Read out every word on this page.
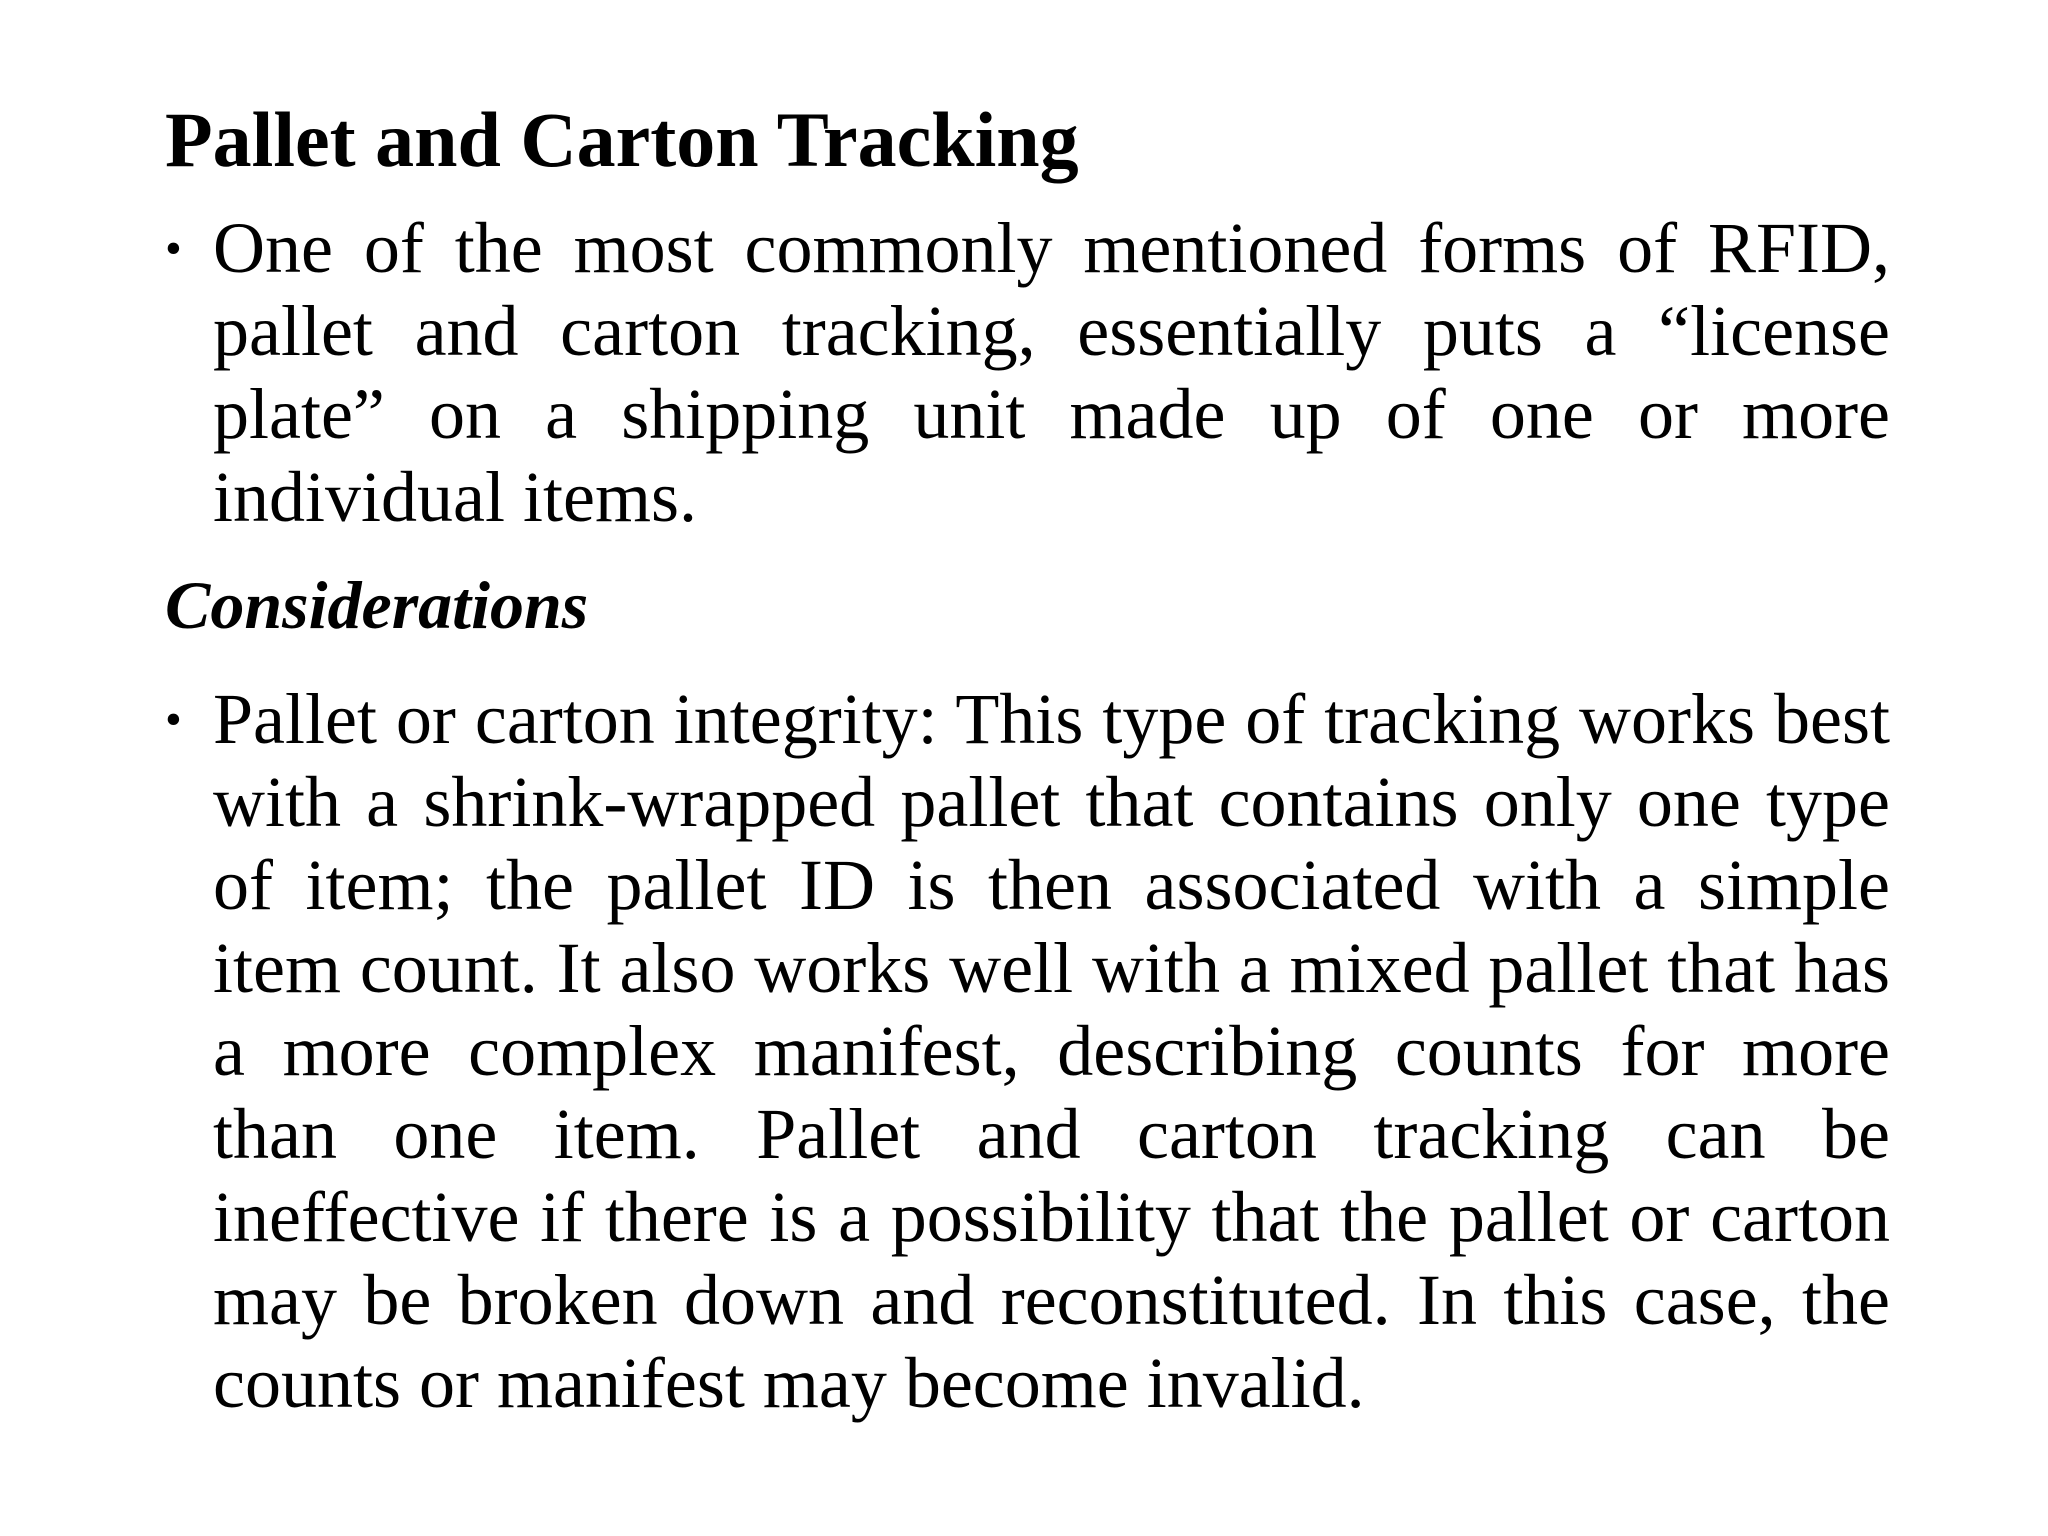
Pallet and Carton Tracking
• One of the most commonly mentioned forms of RFID, pallet and carton tracking, essentially puts a “license plate” on a shipping unit made up of one or more individual items.
Considerations
• Pallet or carton integrity: This type of tracking works best with a shrink-wrapped pallet that contains only one type of item; the pallet ID is then associated with a simple item count. It also works well with a mixed pallet that has a more complex manifest, describing counts for more than one item. Pallet and carton tracking can be ineffective if there is a possibility that the pallet or carton may be broken down and reconstituted. In this case, the counts or manifest may become invalid.
